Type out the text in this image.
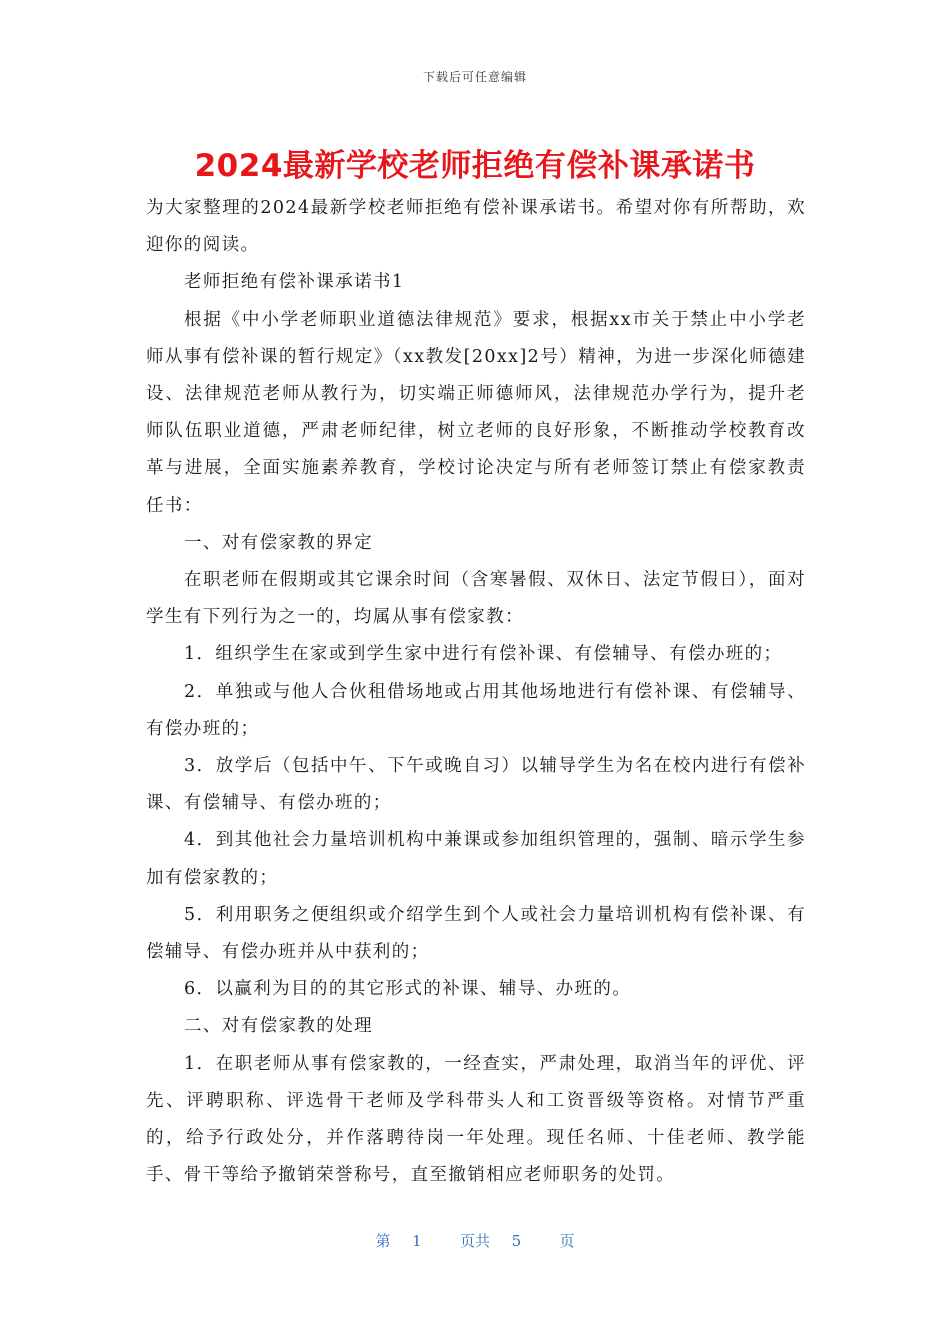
下载后可任意编辑
2024最新学校老师拒绝有偿补课承诺书

为大家整理的2024最新学校老师拒绝有偿补课承诺书。希望对你有所帮助，欢迎你的阅读。

老师拒绝有偿补课承诺书1

根据《中小学老师职业道德法律规范》要求，根据xx市关于禁止中小学老师从事有偿补课的暂行规定》（xx教发[20xx]2号）精神，为进一步深化师德建设、法律规范老师从教行为，切实端正师德师风，法律规范办学行为，提升老师队伍职业道德，严肃老师纪律，树立老师的良好形象，不断推动学校教育改革与进展，全面实施素养教育，学校讨论决定与所有老师签订禁止有偿家教责任书：

一、对有偿家教的界定

在职老师在假期或其它课余时间（含寒暑假、双休日、法定节假日），面对学生有下列行为之一的，均属从事有偿家教：

1．组织学生在家或到学生家中进行有偿补课、有偿辅导、有偿办班的；

2．单独或与他人合伙租借场地或占用其他场地进行有偿补课、有偿辅导、有偿办班的；

3．放学后（包括中午、下午或晚自习）以辅导学生为名在校内进行有偿补课、有偿辅导、有偿办班的；

4．到其他社会力量培训机构中兼课或参加组织管理的，强制、暗示学生参加有偿家教的；

5．利用职务之便组织或介绍学生到个人或社会力量培训机构有偿补课、有偿辅导、有偿办班并从中获利的；

6．以赢利为目的的其它形式的补课、辅导、办班的。

二、对有偿家教的处理

1．在职老师从事有偿家教的，一经查实，严肃处理，取消当年的评优、评先、评聘职称、评选骨干老师及学科带头人和工资晋级等资格。对情节严重的，给予行政处分，并作落聘待岗一年处理。现任名师、十佳老师、教学能手、骨干等给予撤销荣誉称号，直至撤销相应老师职务的处罚。

第 1	页共 5	页
